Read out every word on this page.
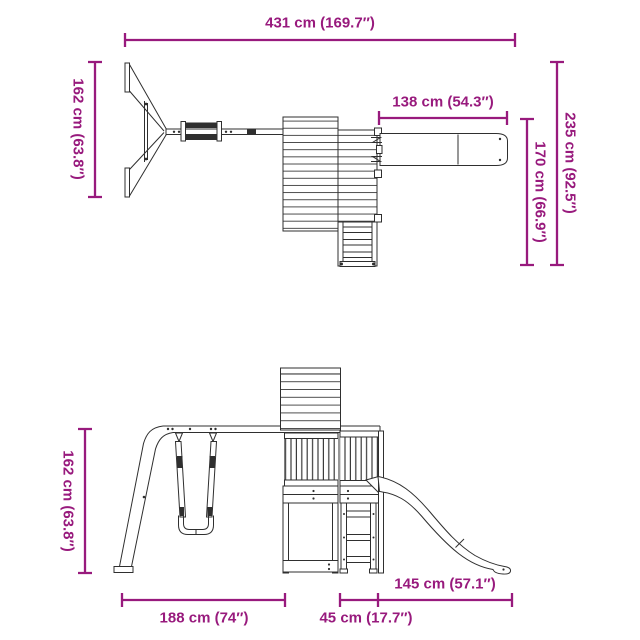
431 cm (169.7″)
162 cm (63.8″)	138 cm (54.3″)
170 cm (66.9″) 235 cm (92.5″)
162 cm (63.8″)
188 cm (74″)	45 cm (17.7″)
145 cm (57.1″)
